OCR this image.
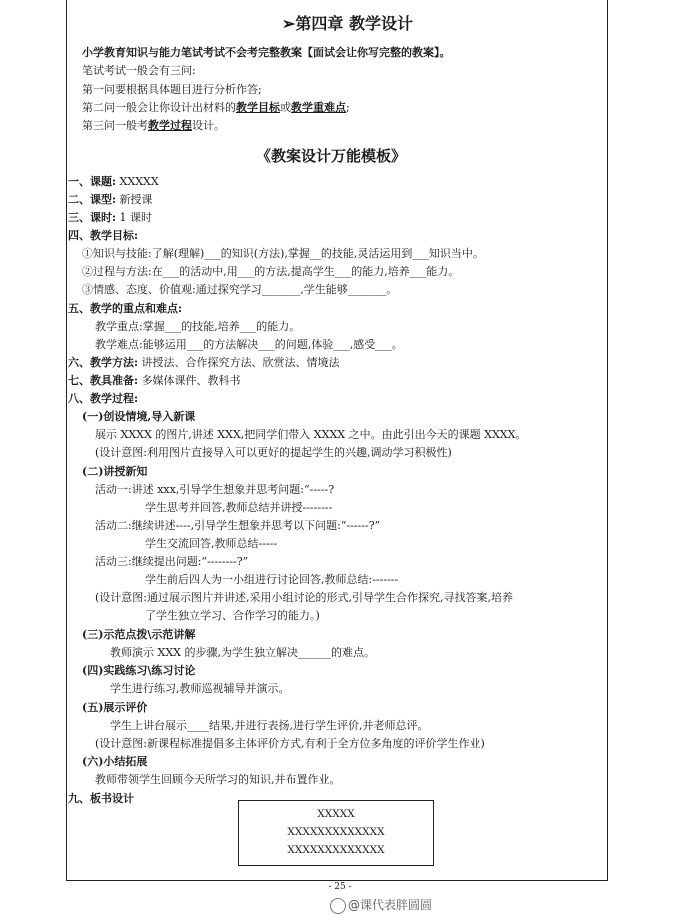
➢第四章 教学设计
小学教育知识与能力笔试考试不会考完整教案【面试会让你写完整的教案】。
笔试考试一般会有三问:
第一问要根据具体题目进行分析作答;
第二问一般会让你设计出材料的教学目标或教学重难点;
第三问一般考教学过程设计。
《教案设计万能模板》
一、课题: XXXXX
二、课型: 新授课
三、课时: 1 课时
四、教学目标:
①知识与技能:了解(理解)___的知识(方法),掌握__的技能,灵活运用到___知识当中。
②过程与方法:在___的活动中,用___的方法,提高学生___的能力,培养___能力。
③情感、态度、价值观:通过探究学习_______,学生能够_______。
五、教学的重点和难点:
教学重点:掌握___的技能,培养___的能力。
教学难点:能够运用___的方法解决___的问题,体验___,感受___。
六、教学方法: 讲授法、合作探究方法、欣赏法、情境法
七、教具准备: 多媒体课件、教科书
八、教学过程:
(一)创设情境,导入新课
展示 XXXX 的图片,讲述 XXX,把同学们带入 XXXX 之中。由此引出今天的课题 XXXX。
(设计意图:利用图片直接导入可以更好的提起学生的兴趣,调动学习积极性)
(二)讲授新知
活动一:讲述 xxx,引导学生想象并思考问题:“-----?
学生思考并回答,教师总结并讲授--------
活动二:继续讲述----,引导学生想象并思考以下问题:“------?”
学生交流回答,教师总结-----
活动三:继续提出问题:“--------?”
学生前后四人为一小组进行讨论回答,教师总结:-------
(设计意图:通过展示图片并讲述,采用小组讨论的形式,引导学生合作探究,寻找答案,培养
了学生独立学习、合作学习的能力。)
(三)示范点拨\示范讲解
教师演示 XXX 的步骤,为学生独立解决______的难点。
(四)实践练习\练习讨论
学生进行练习,教师巡视辅导并演示。
(五)展示评价
学生上讲台展示____结果,并进行表扬,进行学生评价,并老师总评。
(设计意图:新课程标准提倡多主体评价方式,有利于全方位多角度的评价学生作业)
(六)小结拓展
教师带领学生回顾今天所学习的知识,并布置作业。
九、板书设计
XXXXX
XXXXXXXXXXXXX
XXXXXXXXXXXXX
- 25 -
@课代表胖圆圆
